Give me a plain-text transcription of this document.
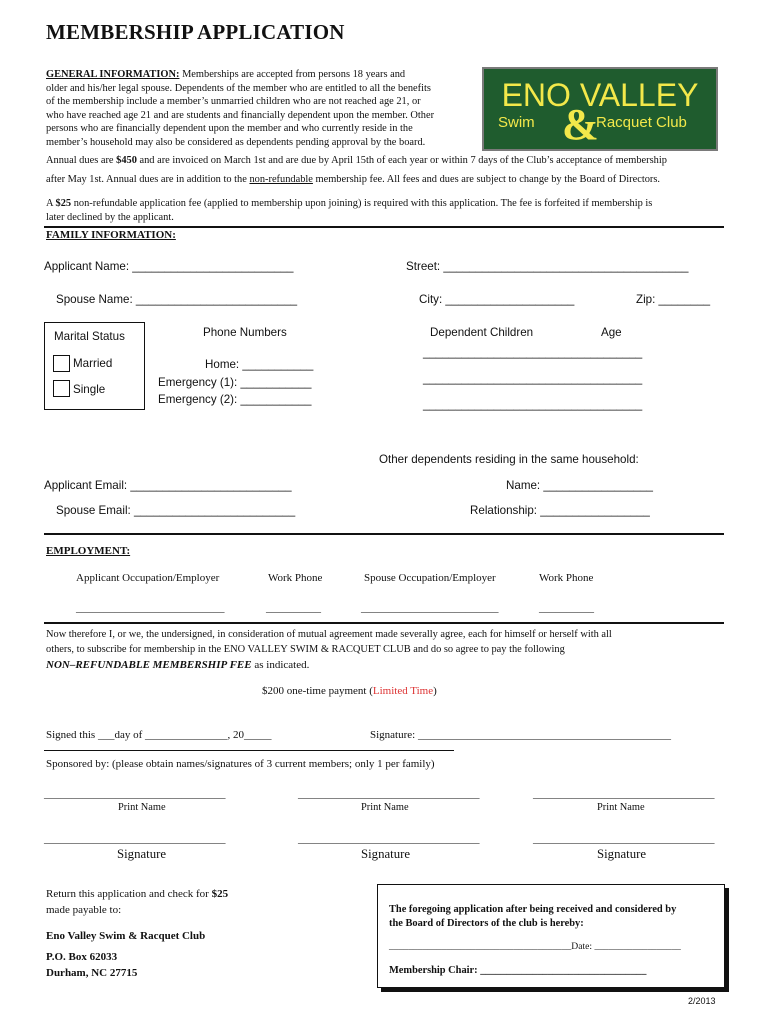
MEMBERSHIP APPLICATION
GENERAL INFORMATION: Memberships are accepted from persons 18 years and
older and his/her legal spouse. Dependents of the member who are entitled to all the benefits
of the membership include a member’s unmarried children who are not reached age 21, or
who have reached age 21 and are students and financially dependent upon the member. Other
persons who are financially dependent upon the member and who currently reside in the
member’s household may also be considered as dependents pending approval by the board.
ENO VALLEY
Swim &
Racquet Club
Annual dues are $450 and are invoiced on March 1st and are due by April 15th of each year or within 7 days of the Club’s acceptance of membership
after May 1st. Annual dues are in addition to the non-refundable membership fee. All fees and dues are subject to change by the Board of Directors.
A $25 non-refundable application fee (applied to membership upon joining) is required with this application. The fee is forfeited if membership is
later declined by the applicant.
FAMILY INFORMATION:
Applicant Name: _________________________	Street: ______________________________________
Spouse Name: _________________________	City: ____________________	Zip: ________
Marital Status
Married
Single
Phone Numbers
Home: ___________
Emergency (1): ___________
Emergency (2): ___________
Dependent Children	Age
__________________________________
__________________________________
__________________________________
Other dependents residing in the same household:
Applicant Email: _________________________	Name: _________________
Spouse Email: _________________________	Relationship: _________________
EMPLOYMENT:
Applicant Occupation/Employer	Work Phone	Spouse Occupation/Employer	Work Phone
___________________________	__________	_________________________	__________
Now therefore I, or we, the undersigned, in consideration of mutual agreement made severally agree, each for himself or herself with all
others, to subscribe for membership in the ENO VALLEY SWIM & RACQUET CLUB and do so agree to pay the following
NON–REFUNDABLE MEMBERSHIP FEE as indicated.
$200 one-time payment (Limited Time)
Signed this ___day of _______________, 20_____	Signature: ______________________________________________
Sponsored by: (please obtain names/signatures of 3 current members; only 1 per family)
_________________________________	_________________________________	_________________________________
Print Name	Print Name	Print Name
_________________________________	_________________________________	_________________________________
Signature	Signature	Signature
Return this application and check for $25
made payable to:
Eno Valley Swim & Racquet Club
P.O. Box 62033
Durham, NC 27715
The foregoing application after being received and considered by
the Board of Directors of the club is hereby:
______________________________________Date: __________________
Membership Chair: ________________________________
_____________________________________
2/2013
